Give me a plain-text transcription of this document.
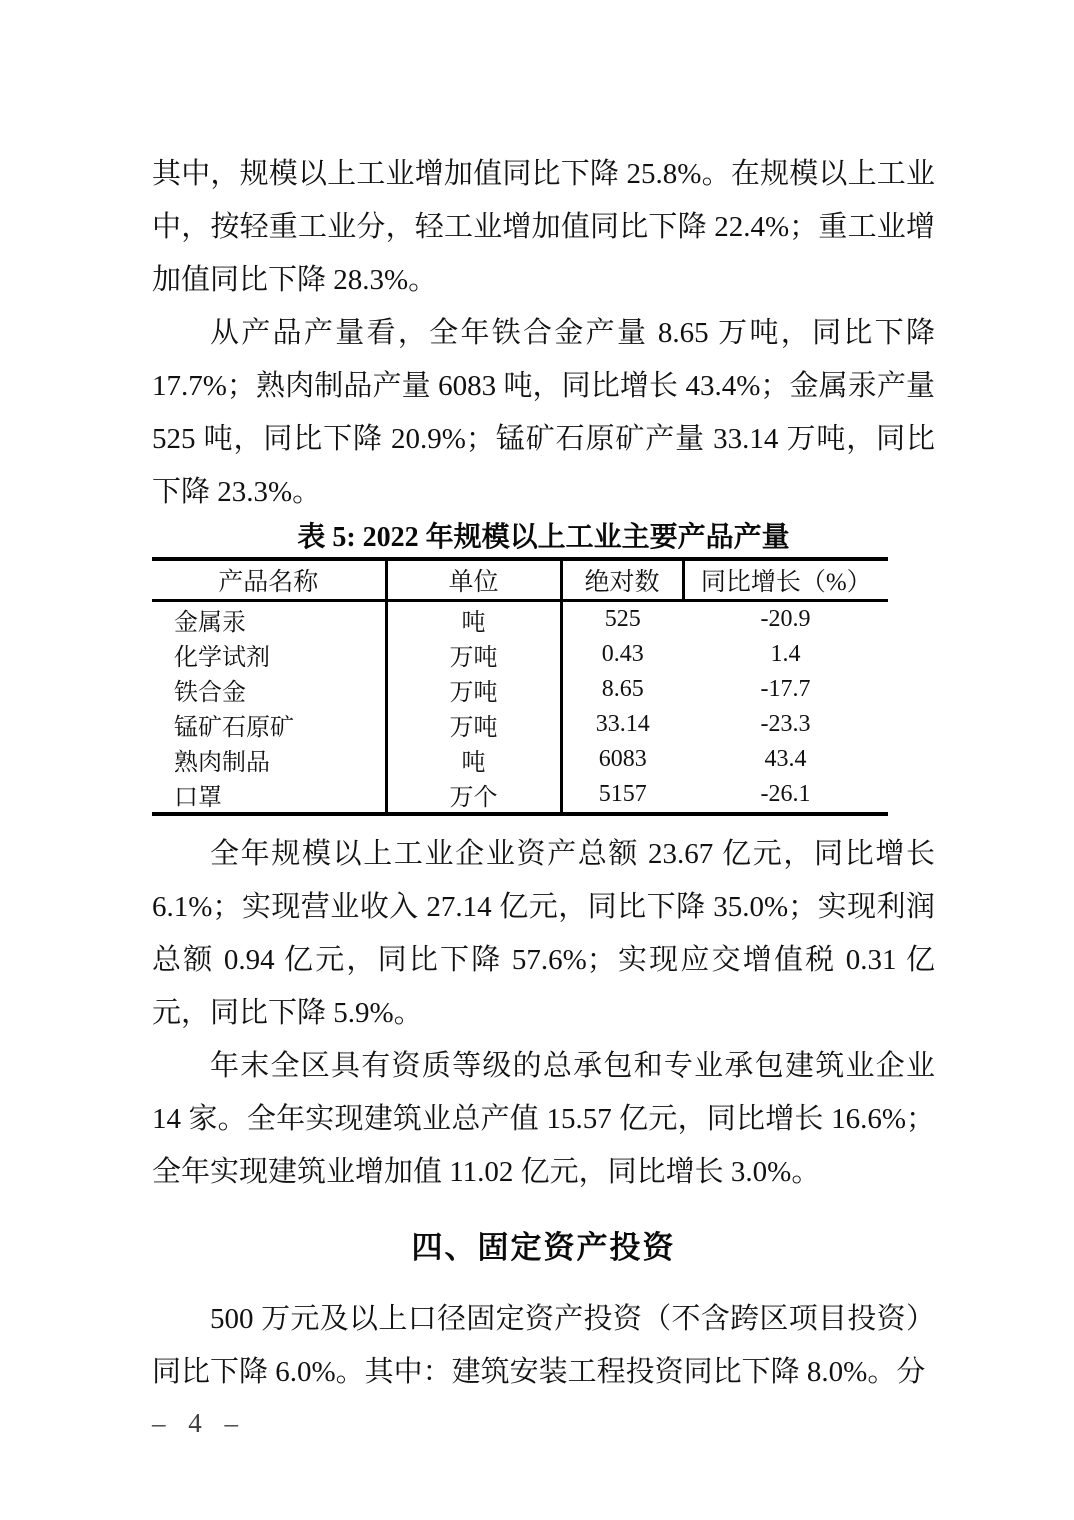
其中，规模以上工业增加值同比下降 25.8%。在规模以上工业中，按轻重工业分，轻工业增加值同比下降 22.4%；重工业增加值同比下降 28.3%。

从产品产量看，全年铁合金产量 8.65 万吨，同比下降 17.7%；熟肉制品产量 6083 吨，同比增长 43.4%；金属汞产量 525 吨，同比下降 20.9%；锰矿石原矿产量 33.14 万吨，同比下降 23.3%。

表 5: 2022 年规模以上工业主要产品产量
产品名称	单位	绝对数	同比增长（%）
金属汞	吨	525	-20.9
化学试剂	万吨	0.43	1.4
铁合金	万吨	8.65	-17.7
锰矿石原矿	万吨	33.14	-23.3
熟肉制品	吨	6083	43.4
口罩	万个	5157	-26.1

全年规模以上工业企业资产总额 23.67 亿元，同比增长 6.1%；实现营业收入 27.14 亿元，同比下降 35.0%；实现利润总额 0.94 亿元，同比下降 57.6%；实现应交增值税 0.31 亿元，同比下降 5.9%。

年末全区具有资质等级的总承包和专业承包建筑业企业 14 家。全年实现建筑业总产值 15.57 亿元，同比增长 16.6%；全年实现建筑业增加值 11.02 亿元，同比增长 3.0%。

四、固定资产投资

500 万元及以上口径固定资产投资（不含跨区项目投资）同比下降 6.0%。其中：建筑安装工程投资同比下降 8.0%。分

– 4 –
